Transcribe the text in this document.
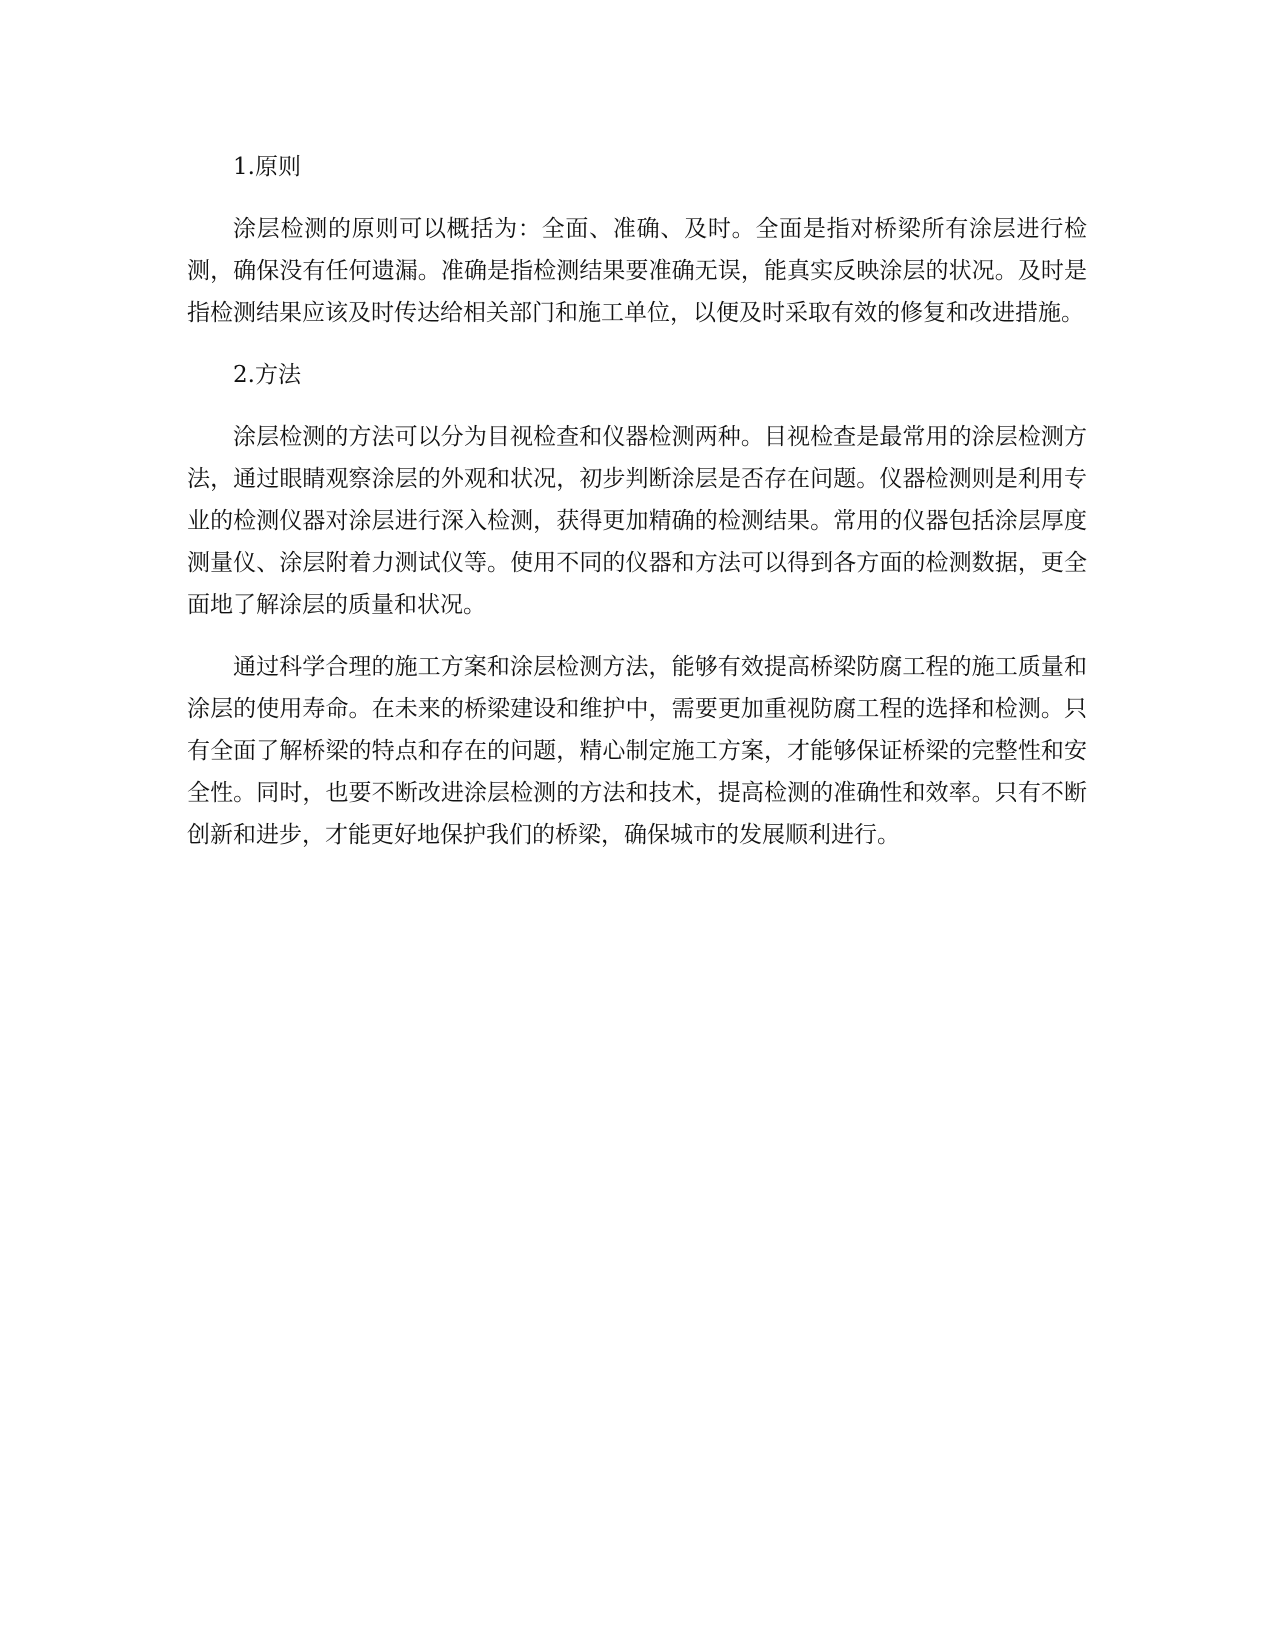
1.原则

涂层检测的原则可以概括为：全面、准确、及时。全面是指对桥梁所有涂层进行检测，确保没有任何遗漏。准确是指检测结果要准确无误，能真实反映涂层的状况。及时是指检测结果应该及时传达给相关部门和施工单位，以便及时采取有效的修复和改进措施。

2.方法

涂层检测的方法可以分为目视检查和仪器检测两种。目视检查是最常用的涂层检测方法，通过眼睛观察涂层的外观和状况，初步判断涂层是否存在问题。仪器检测则是利用专业的检测仪器对涂层进行深入检测，获得更加精确的检测结果。常用的仪器包括涂层厚度测量仪、涂层附着力测试仪等。使用不同的仪器和方法可以得到各方面的检测数据，更全面地了解涂层的质量和状况。

通过科学合理的施工方案和涂层检测方法，能够有效提高桥梁防腐工程的施工质量和涂层的使用寿命。在未来的桥梁建设和维护中，需要更加重视防腐工程的选择和检测。只有全面了解桥梁的特点和存在的问题，精心制定施工方案，才能够保证桥梁的完整性和安全性。同时，也要不断改进涂层检测的方法和技术，提高检测的准确性和效率。只有不断创新和进步，才能更好地保护我们的桥梁，确保城市的发展顺利进行。
